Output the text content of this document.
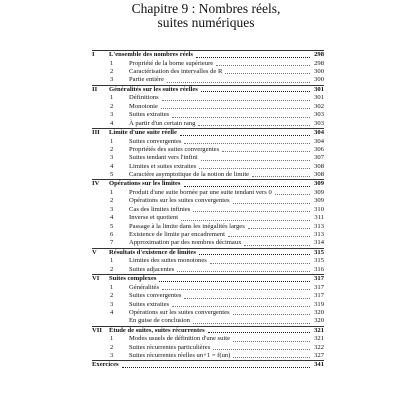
Chapitre 9 : Nombres réels,
suites numériques
I	L'ensemble des nombres réels	298
1	Propriété de la borne supérieure	298
2	Caractérisation des intervalles de R	300
3	Partie entière	300
II	Généralités sur les suites réelles	301
1	Définitions	301
2	Monotonie	302
3	Suites extraites	303
4	À partir d'un certain rang	303
III	Limite d'une suite réelle	304
1	Suites convergentes	304
2	Propriétés des suites convergentes	306
3	Suites tendant vers l'infini	307
4	Limites et suites extraites	308
5	Caractère asymptotique de la notion de limite	308
IV	Opérations sur les limites	309
1	Produit d'une suite bornée par une suite tendant vers 0	309
2	Opérations sur les suites convergentes	309
3	Cas des limites infinies	310
4	Inverse et quotient	311
5	Passage à la limite dans les inégalités larges	313
6	Existence de limite par encadrement	313
7	Approximation par des nombres décimaux	314
V	Résultats d'existence de limites	315
1	Limites des suites monotones	315
2	Suites adjacentes	316
VI	Suites complexes	317
1	Généralités	317
2	Suites convergentes	317
3	Suites extraites	319
4	Opérations sur les suites convergentes	320
En guise de conclusion	320
VII	Étude de suites, suites récurrentes	321
1	Modes usuels de définition d'une suite	321
2	Suites récurrentes particulières	322
3	Suites récurrentes réelles un+1 = f(un)	327
Exercices	341
